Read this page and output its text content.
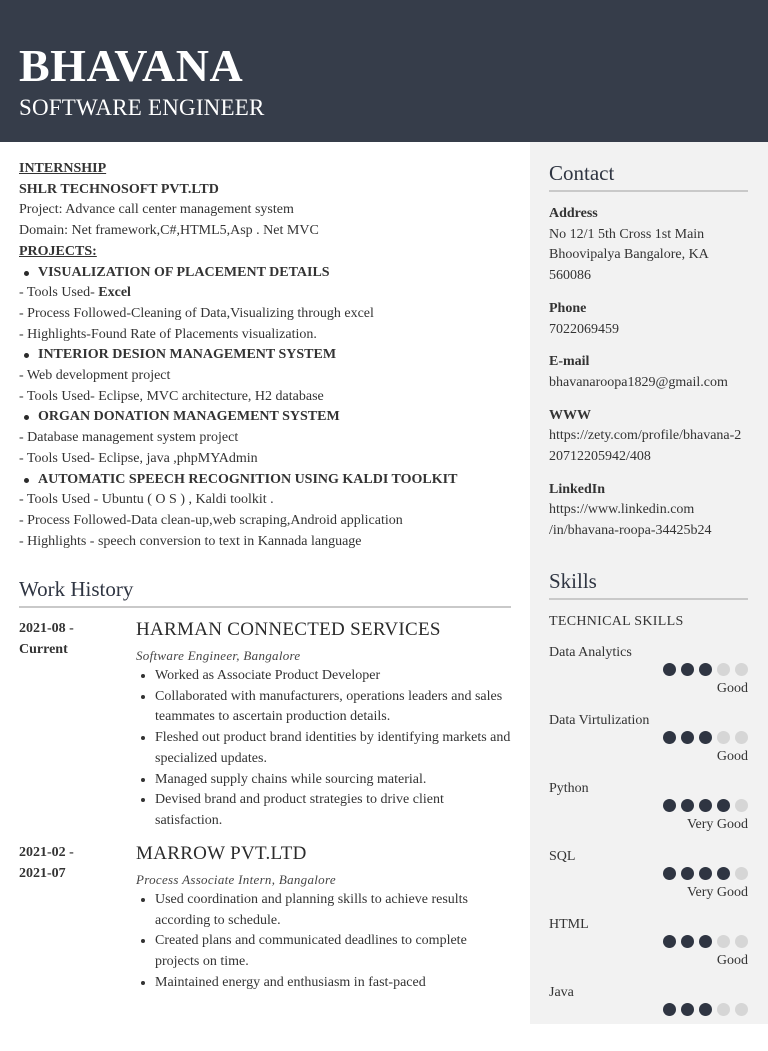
BHAVANA
SOFTWARE ENGINEER
INTERNSHIP
SHLR TECHNOSOFT PVT.LTD
Project: Advance call center management system
Domain: Net framework,C#,HTML5,Asp . Net MVC
PROJECTS:
VISUALIZATION OF PLACEMENT DETAILS
- Tools Used- Excel
- Process Followed-Cleaning of Data,Visualizing through excel
- Highlights-Found Rate of Placements visualization.
INTERIOR DESION MANAGEMENT SYSTEM
- Web development project
- Tools Used- Eclipse, MVC architecture, H2 database
ORGAN DONATION MANAGEMENT SYSTEM
- Database management system project
- Tools Used- Eclipse, java ,phpMYAdmin
AUTOMATIC SPEECH RECOGNITION USING KALDI TOOLKIT
- Tools Used - Ubuntu ( O S ) , Kaldi toolkit .
- Process Followed-Data clean-up,web scraping,Android application
- Highlights - speech conversion to text in Kannada language
Work History
2021-08 -
Current
HARMAN CONNECTED SERVICES
Software Engineer, Bangalore
• Worked as Associate Product Developer
• Collaborated with manufacturers, operations leaders and sales teammates to ascertain production details.
• Fleshed out product brand identities by identifying markets and specialized updates.
• Managed supply chains while sourcing material.
• Devised brand and product strategies to drive client satisfaction.
2021-02 -
2021-07
MARROW PVT.LTD
Process Associate Intern, Bangalore
• Used coordination and planning skills to achieve results according to schedule.
• Created plans and communicated deadlines to complete projects on time.
• Maintained energy and enthusiasm in fast-paced
Contact
Address
No 12/1 5th Cross 1st Main Bhoovipalya Bangalore, KA 560086
Phone
7022069459
E-mail
bhavanaroopa1829@gmail.com
WWW
https://zety.com/profile/bhavana-220712205942/408
LinkedIn
https://www.linkedin.com /in/bhavana-roopa-34425b24
Skills
TECHNICAL SKILLS
Data Analytics
Good
Data Virtulization
Good
Python
Very Good
SQL
Very Good
HTML
Good
Java
